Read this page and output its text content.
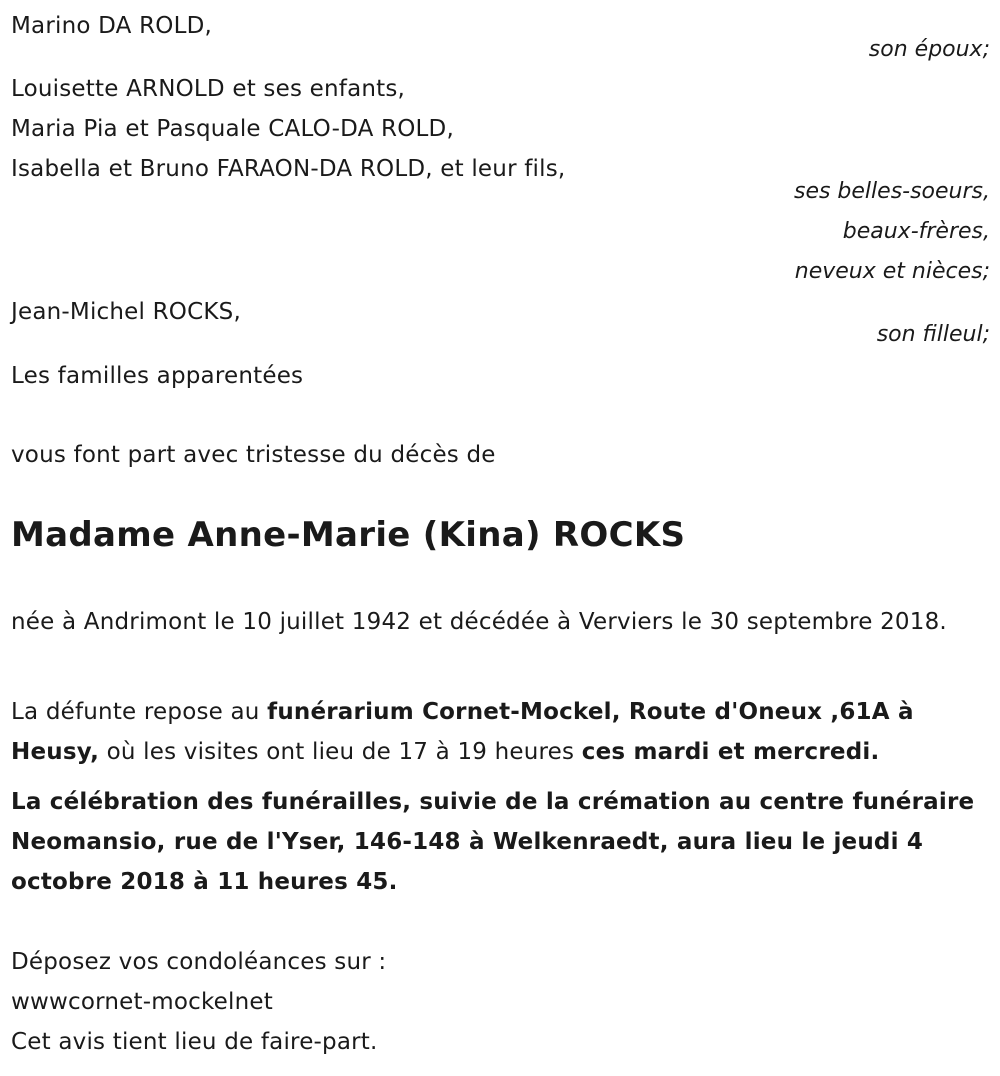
Marino DA ROLD,
son époux;
Louisette ARNOLD et ses enfants,
Maria Pia et Pasquale CALO-DA ROLD,
Isabella et Bruno FARAON-DA ROLD, et leur fils,
ses belles-soeurs,
beaux-frères,
neveux et nièces;
Jean-Michel ROCKS,
son filleul;
Les familles apparentées
vous font part avec tristesse du décès de
Madame Anne-Marie (Kina) ROCKS
née à Andrimont le 10 juillet 1942 et décédée à Verviers le 30 septembre 2018.
La défunte repose au funérarium Cornet-Mockel, Route d'Oneux ,61A à Heusy, où les visites ont lieu de 17 à 19 heures ces mardi et mercredi.
La célébration des funérailles, suivie de la crémation au centre funéraire Neomansio, rue de l'Yser, 146-148 à Welkenraedt, aura lieu le jeudi 4 octobre 2018 à 11 heures 45.
Déposez vos condoléances sur :
wwwcornet-mockelnet
Cet avis tient lieu de faire-part.
